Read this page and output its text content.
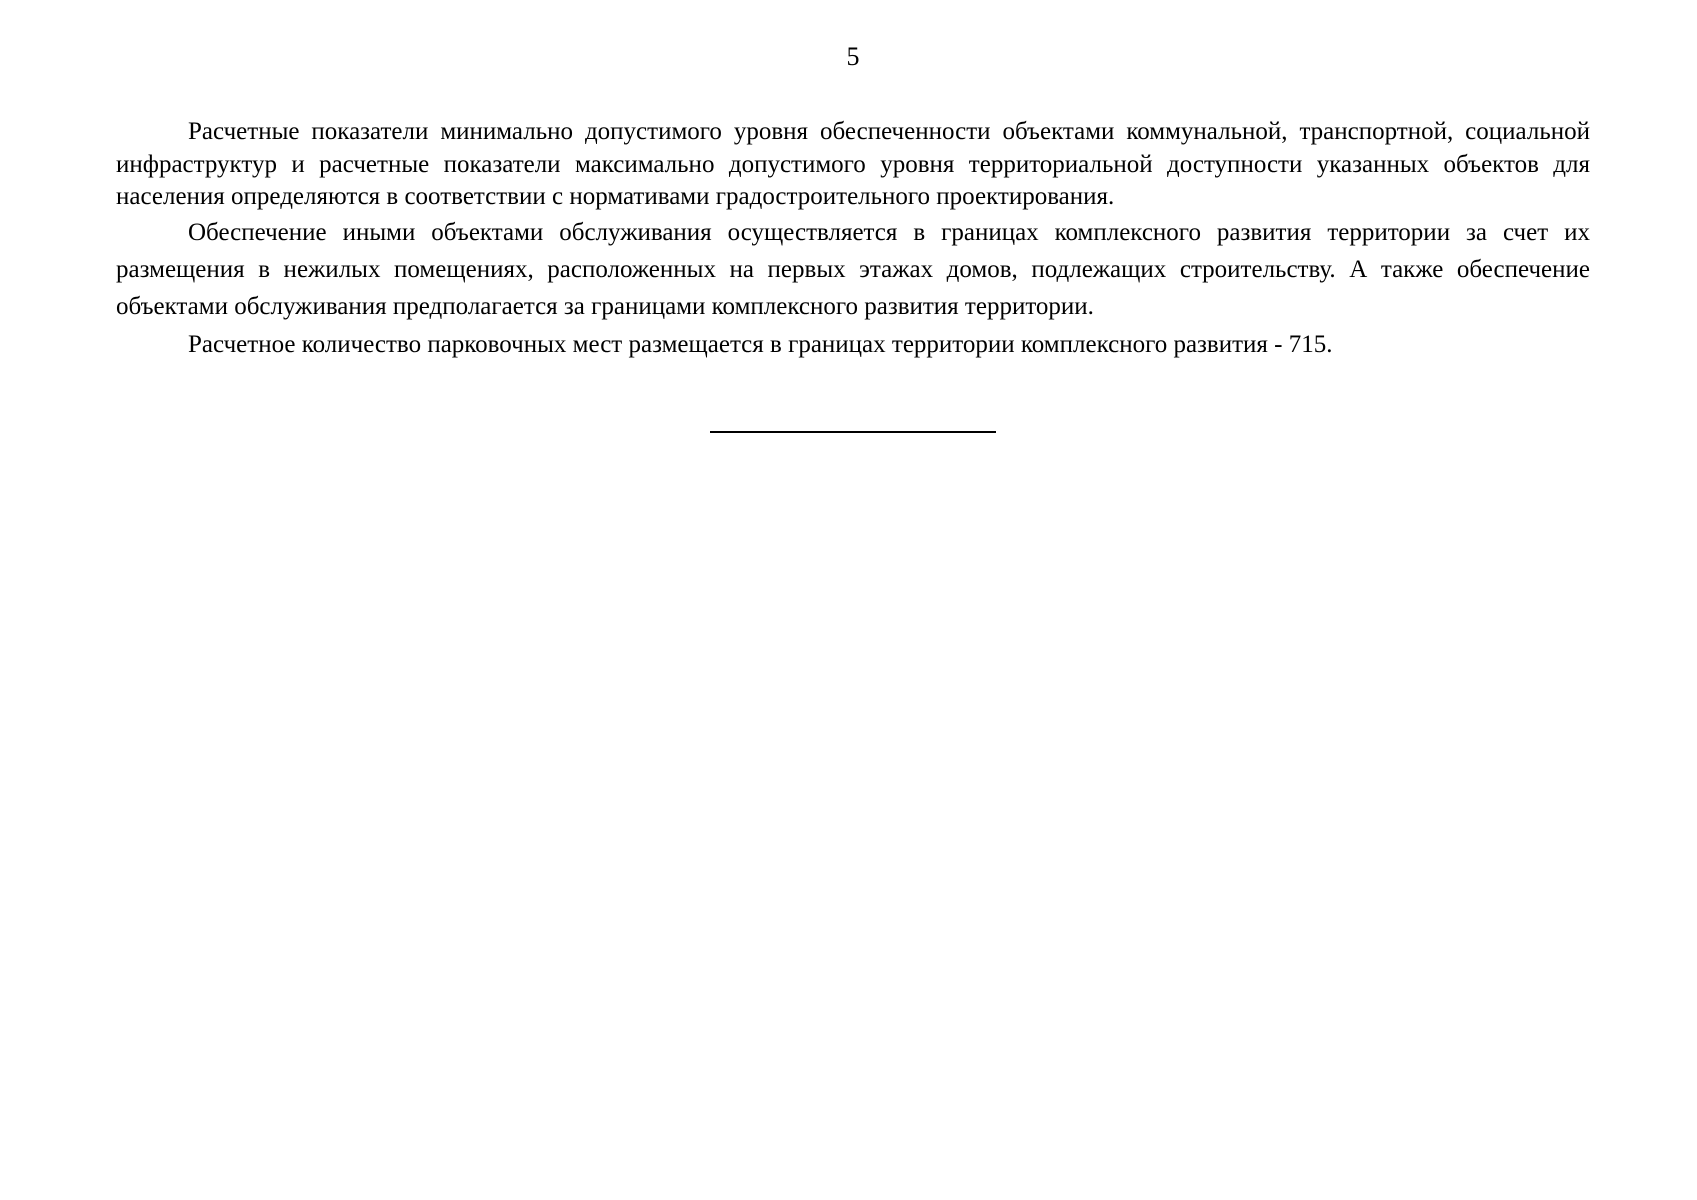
5

Расчетные показатели минимально допустимого уровня обеспеченности объектами коммунальной, транспортной, социальной инфраструктур и расчетные показатели максимально допустимого уровня территориальной доступности указанных объектов для населения определяются в соответствии с нормативами градостроительного проектирования.

Обеспечение иными объектами обслуживания осуществляется в границах комплексного развития территории за счет их размещения в нежилых помещениях, расположенных на первых этажах домов, подлежащих строительству. А также обеспечение объектами обслуживания предполагается за границами комплексного развития территории.

Расчетное количество парковочных мест размещается в границах территории комплексного развития - 715.
